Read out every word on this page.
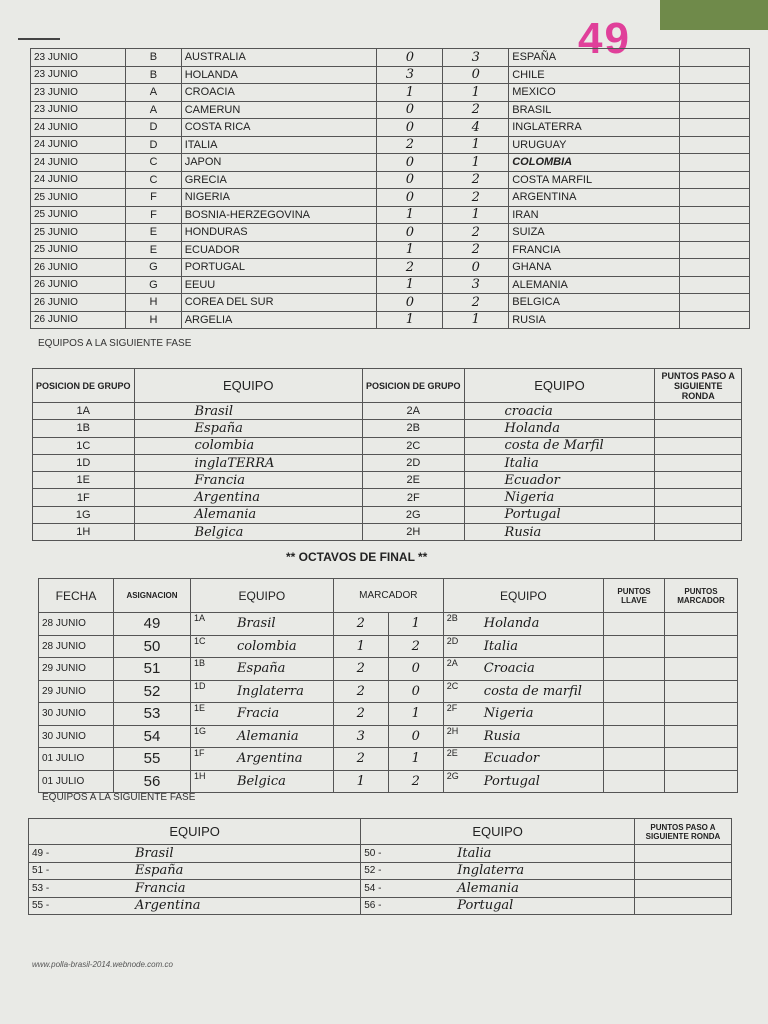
49
23 JUNIO	B	AUSTRALIA	0	3	ESPAÑA	
23 JUNIO	B	HOLANDA	3	0	CHILE	
23 JUNIO	A	CROACIA	1	1	MEXICO	
23 JUNIO	A	CAMERUN	0	2	BRASIL	
24 JUNIO	D	COSTA RICA	0	4	INGLATERRA	
24 JUNIO	D	ITALIA	2	1	URUGUAY	
24 JUNIO	C	JAPON	0	1	COLOMBIA	
24 JUNIO	C	GRECIA	0	2	COSTA MARFIL	
25 JUNIO	F	NIGERIA	0	2	ARGENTINA	
25 JUNIO	F	BOSNIA-HERZEGOVINA	1	1	IRAN	
25 JUNIO	E	HONDURAS	0	2	SUIZA	
25 JUNIO	E	ECUADOR	1	2	FRANCIA	
26 JUNIO	G	PORTUGAL	2	0	GHANA	
26 JUNIO	G	EEUU	1	3	ALEMANIA	
26 JUNIO	H	COREA DEL SUR	0	2	BELGICA	
26 JUNIO	H	ARGELIA	1	1	RUSIA	
EQUIPOS A LA SIGUIENTE FASE
POSICION DE GRUPO	EQUIPO	POSICION DE GRUPO	EQUIPO	PUNTOS PASO A SIGUIENTE RONDA
1A	Brasil	2A	croacia	
1B	España	2B	Holanda	
1C	colombia	2C	costa de Marfil	
1D	inglaTERRA	2D	Italia	
1E	Francia	2E	Ecuador	
1F	Argentina	2F	Nigeria	
1G	Alemania	2G	Portugal	
1H	Belgica	2H	Rusia	
** OCTAVOS DE FINAL **
FECHA	ASIGNACION	EQUIPO		MARCADOR		EQUIPO		PUNTOS LLAVE	PUNTOS MARCADOR
28 JUNIO	49	1A	Brasil	2	1	2B	Holanda		
28 JUNIO	50	1C	colombia	1	2	2D	Italia		
29 JUNIO	51	1B	España	2	0	2A	Croacia		
29 JUNIO	52	1D	Inglaterra	2	0	2C	costa de marfil		
30 JUNIO	53	1E	Fracia	2	1	2F	Nigeria		
30 JUNIO	54	1G	Alemania	3	0	2H	Rusia		
01 JULIO	55	1F	Argentina	2	1	2E	Ecuador		
01 JULIO	56	1H	Belgica	1	2	2G	Portugal		
EQUIPOS A LA SIGUIENTE FASE
EQUIPO		EQUIPO		PUNTOS PASO A SIGUIENTE RONDA
49 -	Brasil	50 -	Italia	
51 -	España	52 -	Inglaterra	
53 -	Francia	54 -	Alemania	
55 -	Argentina	56 -	Portugal	
www.polla-brasil-2014.webnode.com.co
